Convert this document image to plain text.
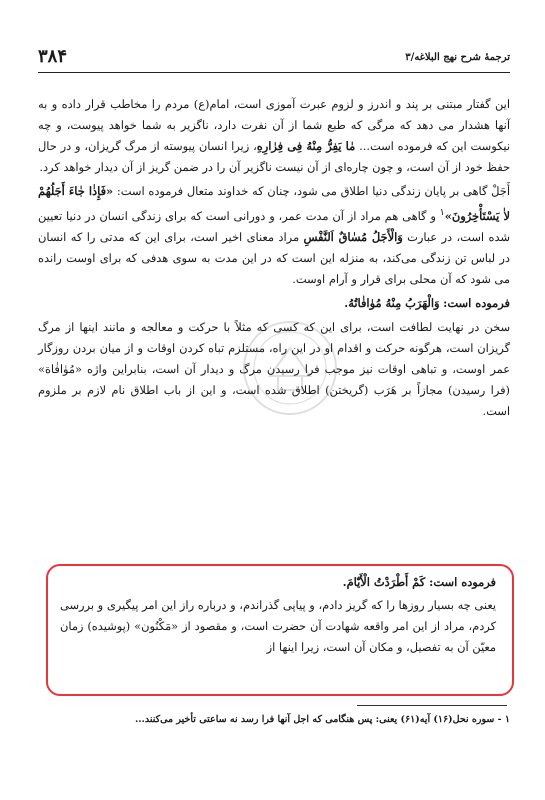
۳۸۴	ترجمهٔ شرح نهج البلاغه/۳

این گفتار مبتنی بر پند و اندرز و لزوم عبرت آموزی است، امام(ع) مردم را مخاطب قرار داده و به آنها هشدار می دهد که مرگی که طبع شما از آن نفرت دارد، ناگزیر به شما خواهد پیوست، و چه نیکوست این که فرموده است... مٰا یَفِرُّ مِنْهُ فِی فِرٰارِهِ، زیرا انسان پیوسته از مرگ گریزان، و در حال حفظ خود از آن است، و چون چاره‌ای از آن نیست ناگزیر آن را در ضمن گریز از آن دیدار خواهد کرد.

أَجَلْ گاهی بر پایان زندگی دنیا اطلاق می شود، چنان که خداوند متعال فرموده است: «فَإِذٰا جٰاءَ أَجَلُهُمْ لاٰ یَسْتَأْخِرُونَ»$^۱$ و گاهی هم مراد از آن مدت عمر، و دورانی است که برای زندگی انسان در دنیا تعیین شده است، در عبارت وَالْأَجَلُ مُسٰاقٌ اَلنَّفْسِ مراد معنای اخیر است، برای این که مدتی را که انسان در لباس تن زندگی می‌کند، به منزله این است که در این مدت به سوی هدفی که برای اوست رانده می شود که آن محلی برای قرار و آرام اوست.

فرموده است: وَالْهَرَبُ مِنْهُ مُوٰافٰاتُهُ.

سخن در نهایت لطافت است، برای این که کسی که مثلاً با حرکت و معالجه و مانند اینها از مرگ گریزان است، هرگونه حرکت و اقدام او در این راه، مستلزم تباه کردن اوقات و از میان بردن روزگار عمر اوست، و تباهی اوقات نیز موجب فرا رسیدن مرگ و دیدار آن است، بنابراین واژه «مُوٰافٰاة» (فرا رسیدن) مجازاً بر هَرَب (گریختن) اطلاق شده است، و این از باب اطلاق نام لازم بر ملزوم است.

فرموده است: کَمْ أَطْرَدْتُ الْأَیّٰامَ.

یعنی چه بسیار روزها را که گریز دادم، و پیاپی گذراندم، و درباره راز این امر پیگیری و بررسی کردم، مراد از این امر واقعه شهادت آن حضرت است، و مقصود از «مَکْنُون» (پوشیده) زمان معیّن آن به تفصیل، و مکان آن است، زیرا اینها از

۱ - سوره نحل(۱۶) آیه(۶۱) یعنی: پس هنگامی که اجل آنها فرا رسد نه ساعتی تأخیر می‌کنند...
